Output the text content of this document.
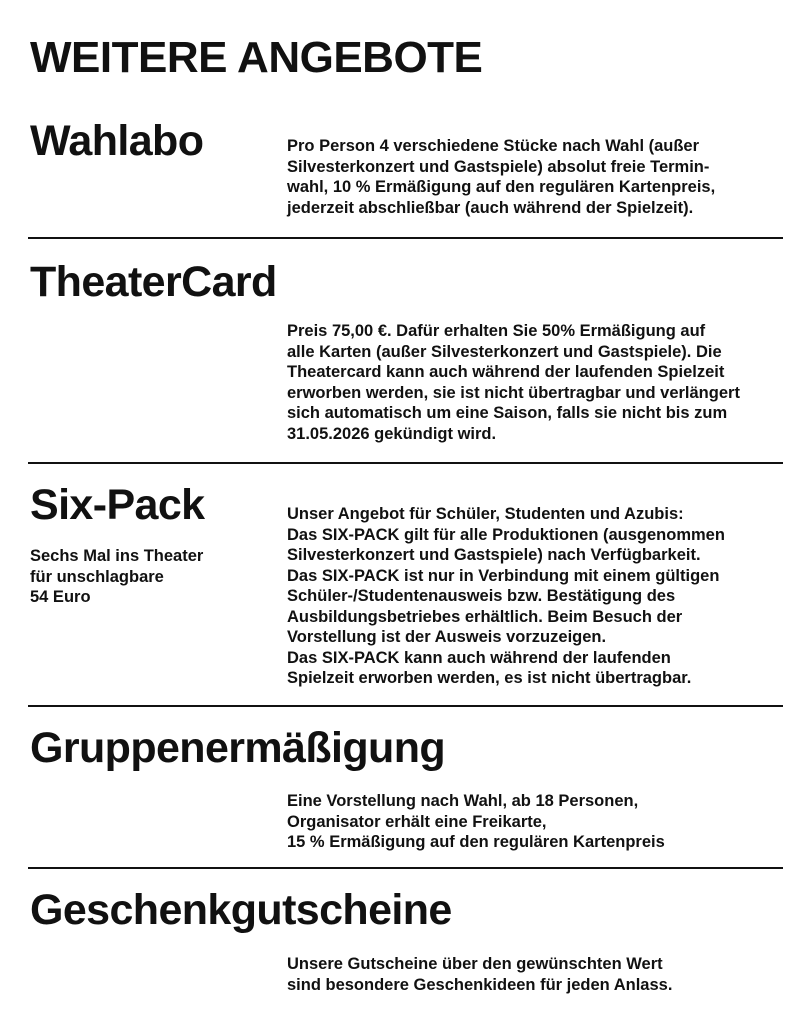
WEITERE ANGEBOTE
Wahlabo	Pro Person 4 verschiedene Stücke nach Wahl (außer
Silvesterkonzert und Gastspiele) absolut freie Termin-
wahl, 10 % Ermäßigung auf den regulären Kartenpreis,
jederzeit abschließbar (auch während der Spielzeit).

TheaterCard

Preis 75,00 €. Dafür erhalten Sie 50% Ermäßigung auf
alle Karten (außer Silvesterkonzert und Gastspiele). Die
Theatercard kann auch während der laufenden Spielzeit
erworben werden, sie ist nicht übertragbar und verlängert
sich automatisch um eine Saison, falls sie nicht bis zum
31.05.2026 gekündigt wird.

Six-Pack

Sechs Mal ins Theater
für unschlagbare
54 Euro

Unser Angebot für Schüler, Studenten und Azubis:
Das SIX-PACK gilt für alle Produktionen (ausgenommen
Silvesterkonzert und Gastspiele) nach Verfügbarkeit.
Das SIX-PACK ist nur in Verbindung mit einem gültigen
Schüler-/Studentenausweis bzw. Bestätigung des
Ausbildungsbetriebes erhältlich. Beim Besuch der
Vorstellung ist der Ausweis vorzuzeigen.
Das SIX-PACK kann auch während der laufenden
Spielzeit erworben werden, es ist nicht übertragbar.

Gruppenermäßigung

Eine Vorstellung nach Wahl, ab 18 Personen,
Organisator erhält eine Freikarte,
15 % Ermäßigung auf den regulären Kartenpreis

Geschenkgutscheine

Unsere Gutscheine über den gewünschten Wert
sind besondere Geschenkideen für jeden Anlass.
